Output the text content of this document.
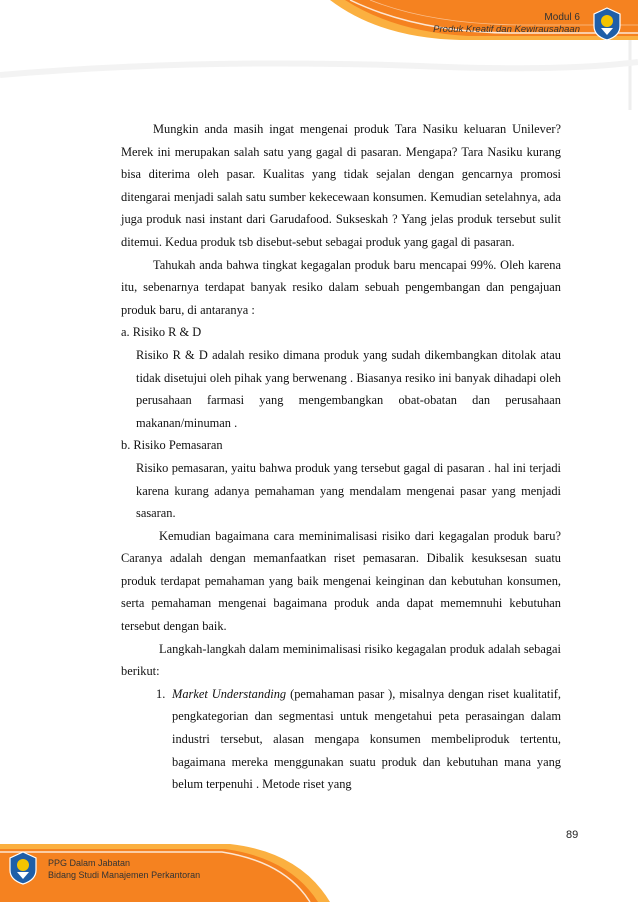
Modul 6
Produk Kreatif dan Kewirausahaan

Mungkin anda masih ingat mengenai produk Tara Nasiku keluaran Unilever? Merek ini merupakan salah satu yang gagal di pasaran. Mengapa? Tara Nasiku kurang bisa diterima oleh pasar. Kualitas yang tidak sejalan dengan gencarnya promosi ditengarai menjadi salah satu sumber kekecewaan konsumen. Kemudian setelahnya, ada juga produk nasi instant dari Garudafood. Sukseskah ? Yang jelas produk tersebut sulit ditemui. Kedua produk tsb disebut-sebut sebagai produk yang gagal di pasaran.

Tahukah anda bahwa tingkat kegagalan produk baru mencapai 99%. Oleh karena itu, sebenarnya terdapat banyak resiko dalam sebuah pengembangan dan pengajuan produk baru, di antaranya :

a. Risiko R & D

Risiko R & D adalah resiko dimana produk yang sudah dikembangkan ditolak atau tidak disetujui oleh pihak yang berwenang . Biasanya resiko ini banyak dihadapi oleh perusahaan farmasi yang mengembangkan obat-obatan dan perusahaan makanan/minuman .

b. Risiko Pemasaran

Risiko pemasaran, yaitu bahwa produk yang tersebut gagal di pasaran . hal ini terjadi karena kurang adanya pemahaman yang mendalam mengenai pasar yang menjadi sasaran.

Kemudian bagaimana cara meminimalisasi risiko dari kegagalan produk baru? Caranya adalah dengan memanfaatkan riset pemasaran. Dibalik kesuksesan suatu produk terdapat pemahaman yang baik mengenai keinginan dan kebutuhan konsumen, serta pemahaman mengenai bagaimana produk anda dapat mememnuhi kebutuhan tersebut dengan baik.

Langkah-langkah dalam meminimalisasi risiko kegagalan produk adalah sebagai berikut:

1. Market Understanding (pemahaman pasar ), misalnya dengan riset kualitatif, pengkategorian dan segmentasi untuk mengetahui peta perasaingan dalam industri tersebut, alasan mengapa konsumen membeliproduk tertentu, bagaimana mereka menggunakan suatu produk dan kebutuhan mana yang belum terpenuhi . Metode riset yang

89
PPG Dalam Jabatan
Bidang Studi Manajemen Perkantoran
